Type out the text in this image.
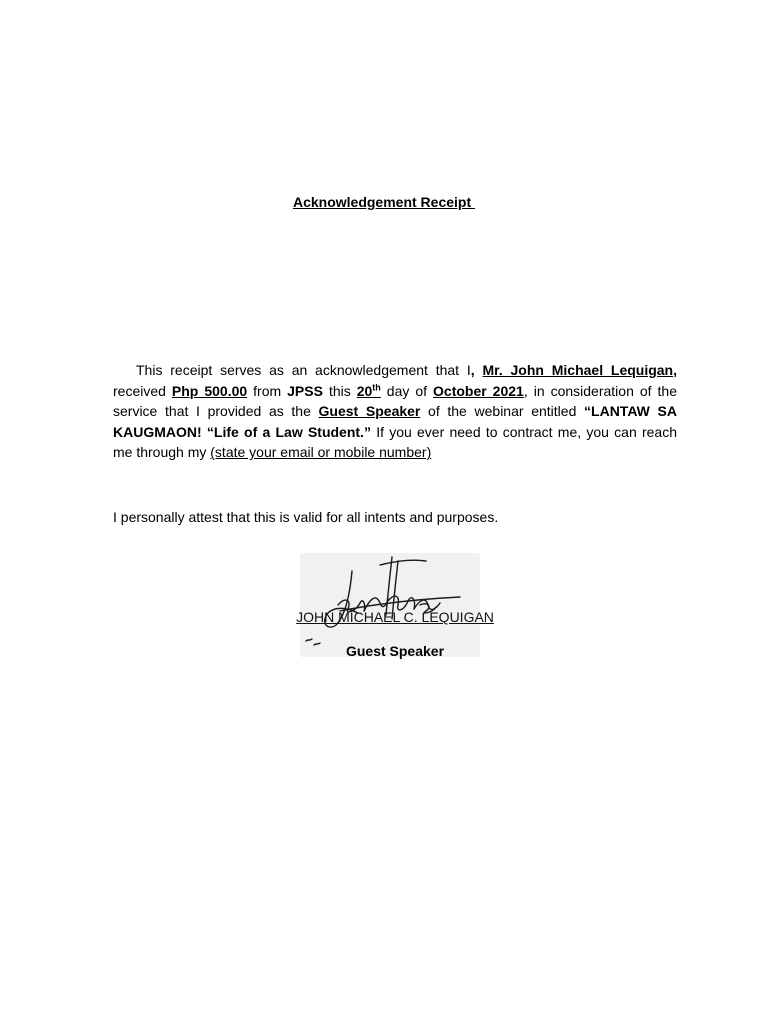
Acknowledgement Receipt

This receipt serves as an acknowledgement that I, Mr. John Michael Lequigan, received Php 500.00 from JPSS this 20th day of October 2021, in consideration of the service that I provided as the Guest Speaker of the webinar entitled “LANTAW SA KAUGMAON! “Life of a Law Student.” If you ever need to contract me, you can reach me through my (state your email or mobile number)

I personally attest that this is valid for all intents and purposes.
JOHN MICHAEL C. LEQUIGAN
Guest Speaker
